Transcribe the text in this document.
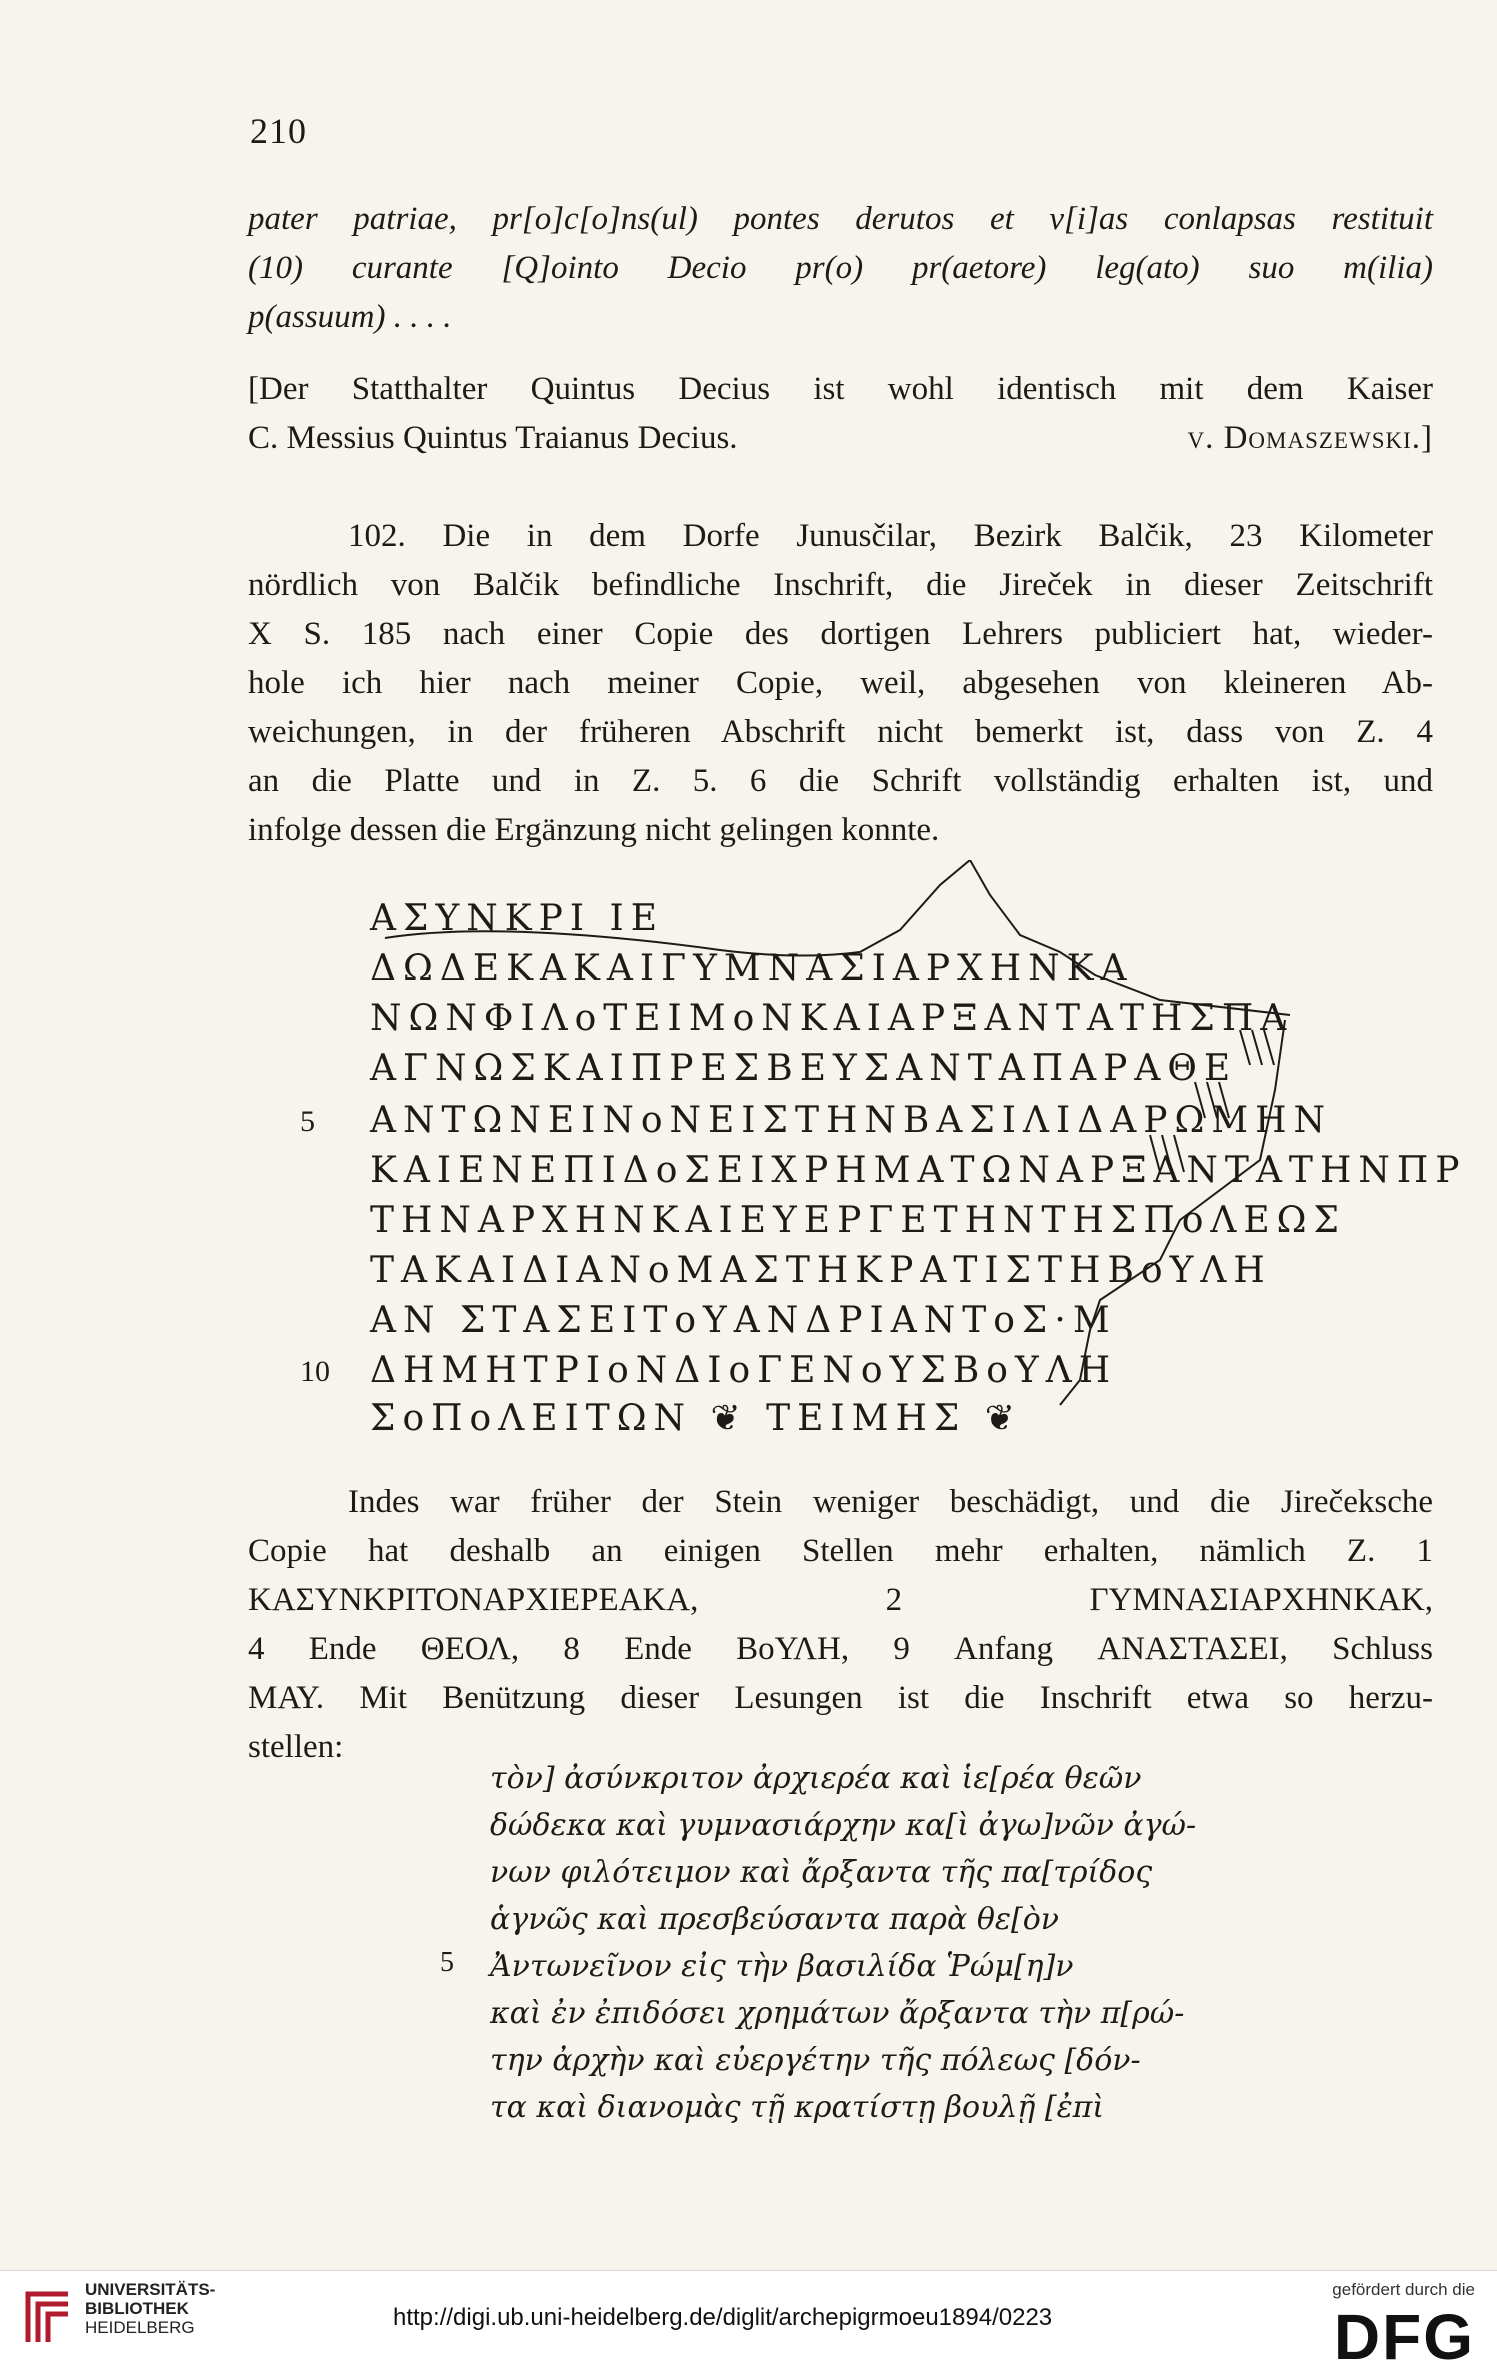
210
pater patriae, pr[o]c[o]ns(ul) pontes derutos et v[i]as conlapsas restituit
(10) curante [Q]ointo Decio pr(o) pr(aetore) leg(ato) suo m(ilia)
p(assuum) . . . .
[Der Statthalter Quintus Decius ist wohl identisch mit dem Kaiser
C. Messius Quintus Traianus Decius.	v. Domaszewski.]
102. Die in dem Dorfe Junusčilar, Bezirk Balčik, 23 Kilometer
nördlich von Balčik befindliche Inschrift, die Jireček in dieser Zeitschrift
X S. 185 nach einer Copie des dortigen Lehrers publiciert hat, wieder-
hole ich hier nach meiner Copie, weil, abgesehen von kleineren Ab-
weichungen, in der früheren Abschrift nicht bemerkt ist, dass von Z. 4
an die Platte und in Z. 5. 6 die Schrift vollständig erhalten ist, und
infolge dessen die Ergänzung nicht gelingen konnte.
ΑΣΥΝΚΡΙ ΙΕ
ΔΩΔΕΚΑΚΑΙΓΥΜΝΑΣΙΑΡΧΗΝΚΑ
ΝΩΝΦΙΛoΤΕΙΜoΝΚΑΙΑΡΞΑΝΤΑΤΗΣΠΑ
ΑΓΝΩΣΚΑΙΠΡΕΣΒΕΥΣΑΝΤΑΠΑΡΑΘΕ
5 ΑΝΤΩΝΕΙΝoΝΕΙΣΤΗΝΒΑΣΙΛΙΔΑΡΩΜΗΝ
ΚΑΙΕΝΕΠΙΔoΣΕΙΧΡΗΜΑΤΩΝΑΡΞΑΝΤΑΤΗΝΠΡ
ΤΗΝΑΡΧΗΝΚΑΙΕΥΕΡΓΕΤΗΝΤΗΣΠoΛΕΩΣ
ΤΑΚΑΙΔΙΑΝoΜΑΣΤΗΚΡΑΤΙΣΤΗΒoΥΛΗ
ΑΝ ΣΤΑΣΕΙΤoΥΑΝΔΡΙΑΝΤoΣ·Μ
10 ΔΗΜΗΤΡΙoΝΔΙoΓΕΝoΥΣΒoΥΛΗ
ΣoΠoΛΕΙΤΩΝ ❦ ΤΕΙΜΗΣ ❦
Indes war früher der Stein weniger beschädigt, und die Jirečeksche
Copie hat deshalb an einigen Stellen mehr erhalten, nämlich Z. 1
ΚΑΣΥΝΚΡΙΤΟΝΑΡΧΙΕΡΕΑΚΑ, 2 ΓΥΜΝΑΣΙΑΡΧΗΝΚΑΚ,
4 Ende ΘΕΟΛ, 8 Ende ΒoΥΛΗ, 9 Anfang ΑΝΑΣΤΑΣΕΙ, Schluss
ΜΑΥ. Mit Benützung dieser Lesungen ist die Inschrift etwa so herzu-
stellen:
τὸν] ἀσύνκριτον ἀρχιερέα καὶ ἱε[ρέα θεῶν
δώδεκα καὶ γυμνασιάρχην κα[ὶ ἀγω]νῶν ἀγώ-
νων φιλότειμον καὶ ἄρξαντα τῆς πα[τρίδος
ἁγνῶς καὶ πρεσβεύσαντα παρὰ θε[ὸν
Ἀντωνεῖνον εἰς τὴν βασιλίδα Ῥώμ[η]ν
καὶ ἐν ἐπιδόσει χρημάτων ἄρξαντα τὴν π[ρώ-
την ἀρχὴν καὶ εὐεργέτην τῆς πόλεως [δόν-
τα καὶ διανομὰς τῇ κρατίστῃ βουλῇ [ἐπὶ
5
UNIVERSITÄTS-
BIBLIOTHEK
HEIDELBERG	http://digi.ub.uni-heidelberg.de/diglit/archepigrmoeu1894/0223
gefördert durch die
DFG
